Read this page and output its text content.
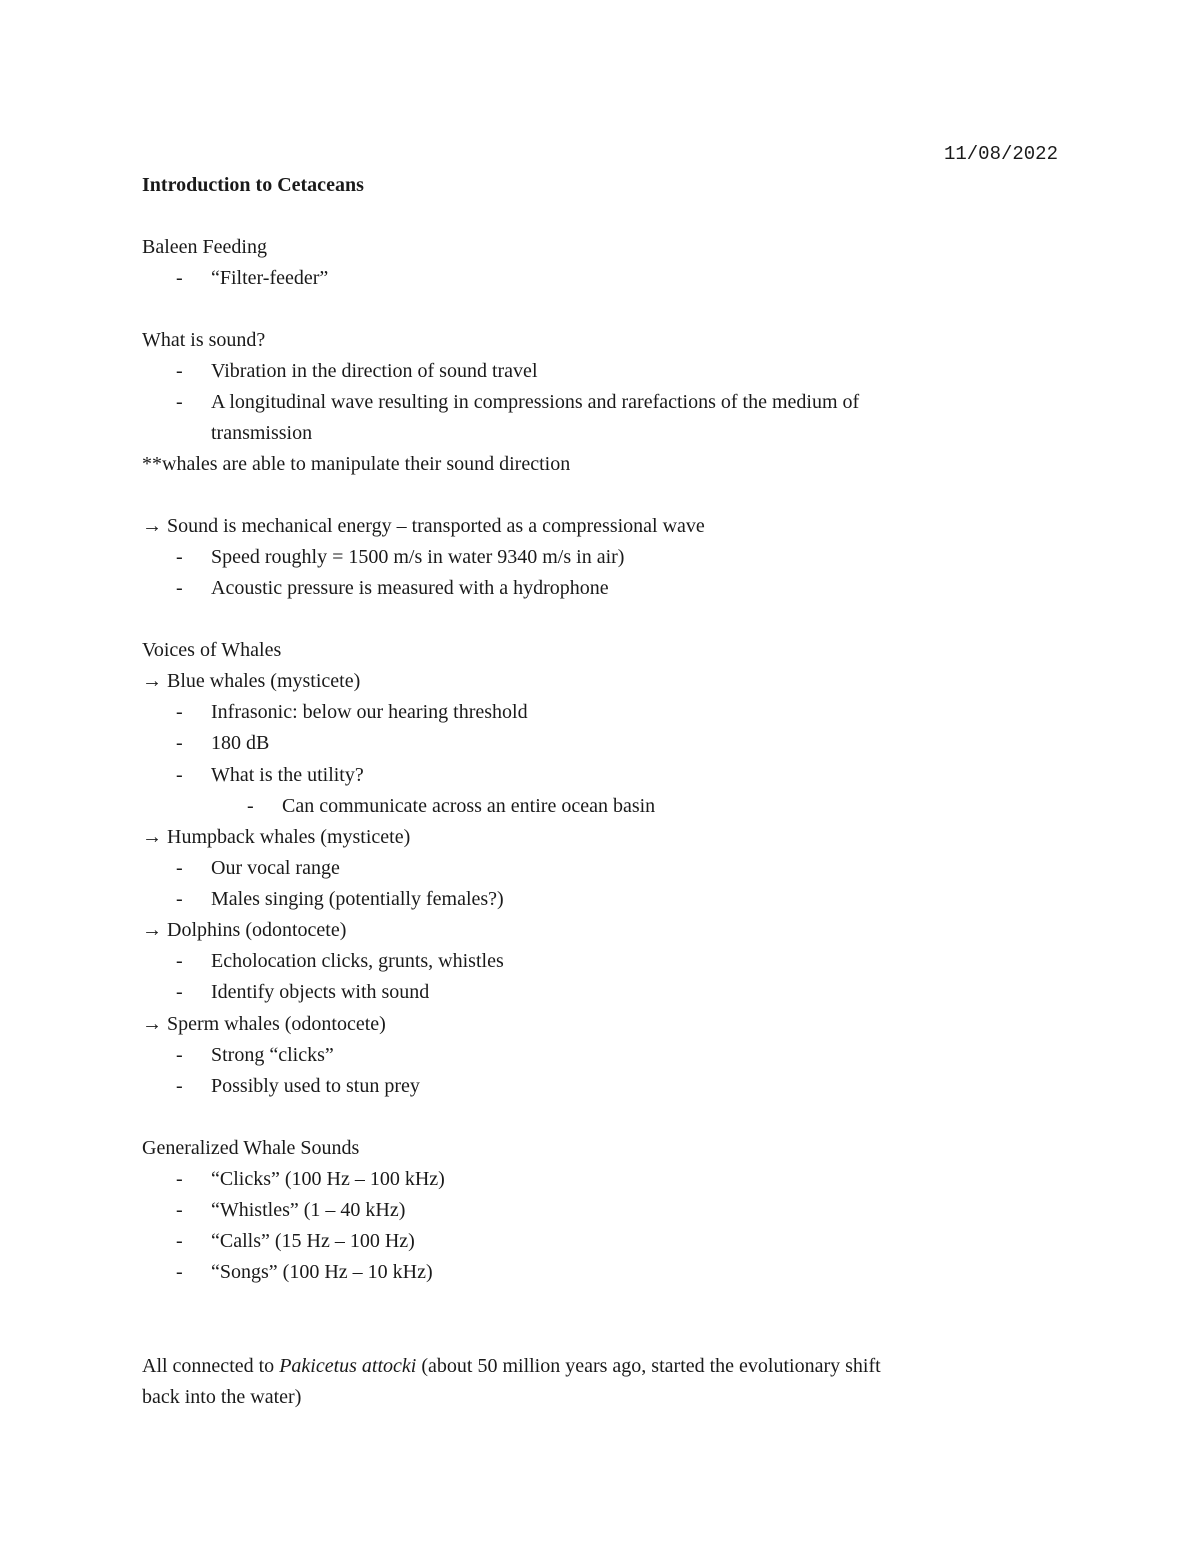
11/08/2022
Introduction to Cetaceans
Baleen Feeding
- “Filter-feeder”
What is sound?
- Vibration in the direction of sound travel
- A longitudinal wave resulting in compressions and rarefactions of the medium of
transmission
**whales are able to manipulate their sound direction
→ Sound is mechanical energy – transported as a compressional wave
- Speed roughly = 1500 m/s in water 9340 m/s in air)
- Acoustic pressure is measured with a hydrophone
Voices of Whales
→ Blue whales (mysticete)
- Infrasonic: below our hearing threshold
- 180 dB
- What is the utility?
- Can communicate across an entire ocean basin
→ Humpback whales (mysticete)
- Our vocal range
- Males singing (potentially females?)
→ Dolphins (odontocete)
- Echolocation clicks, grunts, whistles
- Identify objects with sound
→ Sperm whales (odontocete)
- Strong “clicks”
- Possibly used to stun prey
Generalized Whale Sounds
- “Clicks” (100 Hz – 100 kHz)
- “Whistles” (1 – 40 kHz)
- “Calls” (15 Hz – 100 Hz)
- “Songs” (100 Hz – 10 kHz)
All connected to Pakicetus attocki (about 50 million years ago, started the evolutionary shift
back into the water)
